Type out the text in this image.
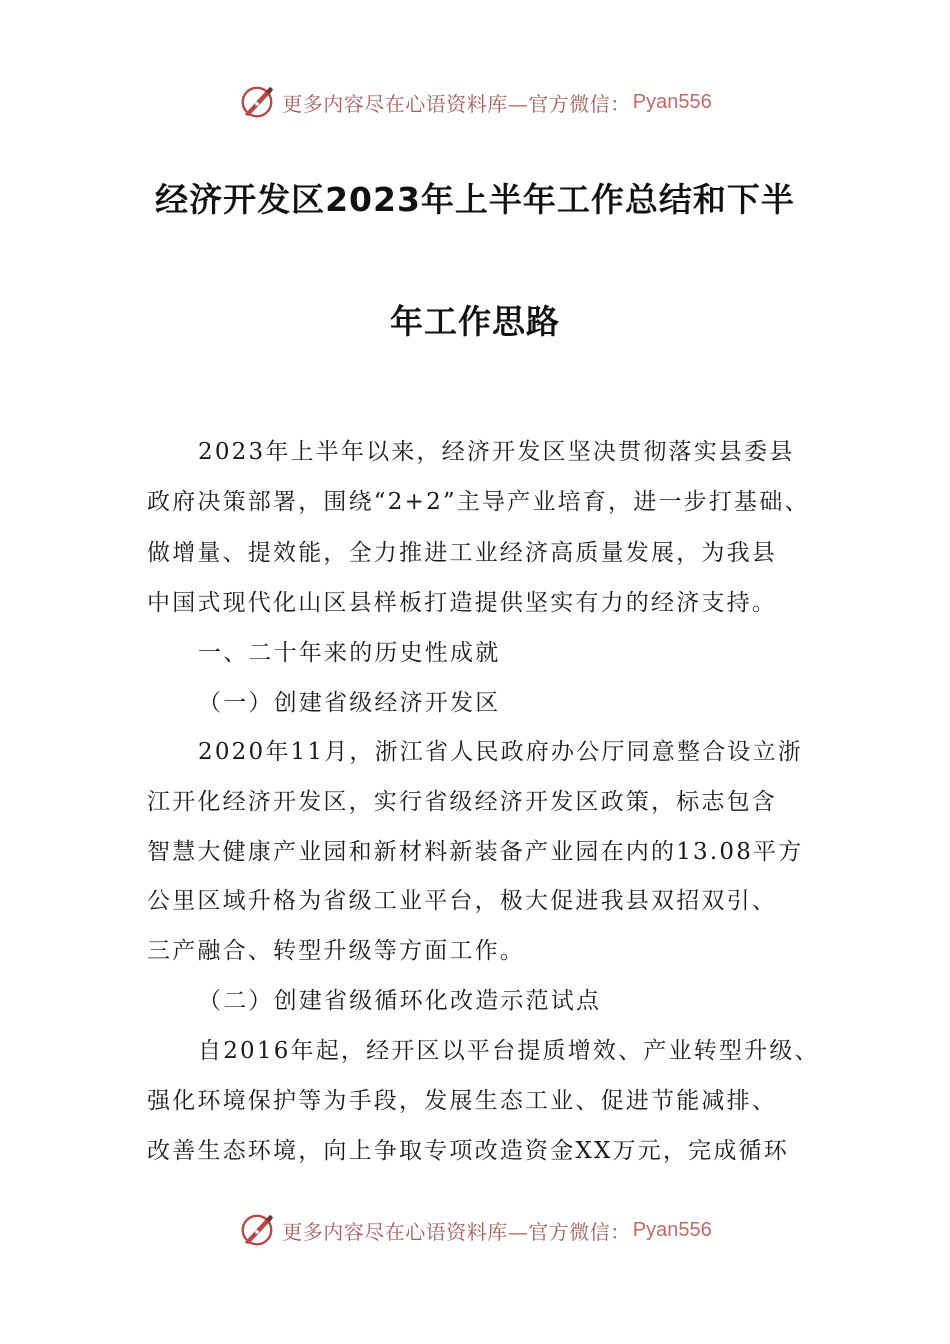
更多内容尽在心语资料库—官方微信： Pyan556
经济开发区2023年上半年工作总结和下半
年工作思路
2023年上半年以来，经济开发区坚决贯彻落实县委县
政府决策部署，围绕“2+2”主导产业培育，进一步打基础、
做增量、提效能，全力推进工业经济高质量发展，为我县
中国式现代化山区县样板打造提供坚实有力的经济支持。
一、二十年来的历史性成就
（一）创建省级经济开发区
2020年11月，浙江省人民政府办公厅同意整合设立浙
江开化经济开发区，实行省级经济开发区政策，标志包含
智慧大健康产业园和新材料新装备产业园在内的13.08平方
公里区域升格为省级工业平台，极大促进我县双招双引、
三产融合、转型升级等方面工作。
（二）创建省级循环化改造示范试点
自2016年起，经开区以平台提质增效、产业转型升级、
强化环境保护等为手段，发展生态工业、促进节能减排、
改善生态环境，向上争取专项改造资金XX万元，完成循环
更多内容尽在心语资料库—官方微信： Pyan556
